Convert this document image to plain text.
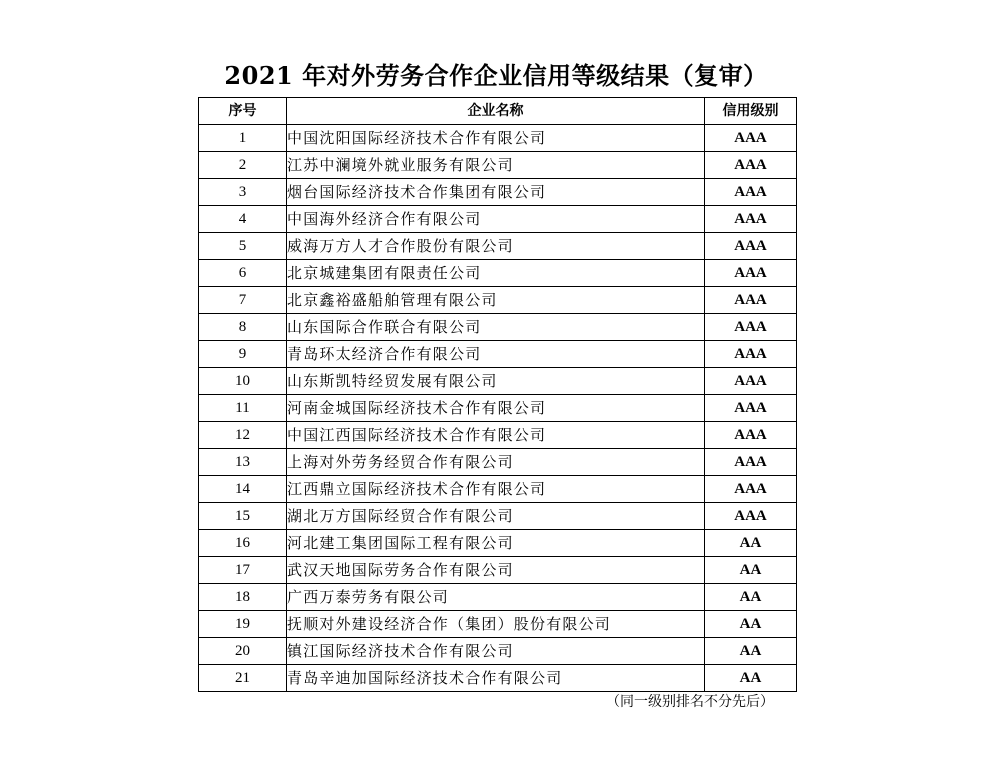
2021 年对外劳务合作企业信用等级结果（复审）
序号	企业名称	信用级别
1	中国沈阳国际经济技术合作有限公司	AAA
2	江苏中澜境外就业服务有限公司	AAA
3	烟台国际经济技术合作集团有限公司	AAA
4	中国海外经济合作有限公司	AAA
5	威海万方人才合作股份有限公司	AAA
6	北京城建集团有限责任公司	AAA
7	北京鑫裕盛船舶管理有限公司	AAA
8	山东国际合作联合有限公司	AAA
9	青岛环太经济合作有限公司	AAA
10	山东斯凯特经贸发展有限公司	AAA
11	河南金城国际经济技术合作有限公司	AAA
12	中国江西国际经济技术合作有限公司	AAA
13	上海对外劳务经贸合作有限公司	AAA
14	江西鼎立国际经济技术合作有限公司	AAA
15	湖北万方国际经贸合作有限公司	AAA
16	河北建工集团国际工程有限公司	AA
17	武汉天地国际劳务合作有限公司	AA
18	广西万泰劳务有限公司	AA
19	抚顺对外建设经济合作（集团）股份有限公司	AA
20	镇江国际经济技术合作有限公司	AA
21	青岛辛迪加国际经济技术合作有限公司	AA
（同一级别排名不分先后）
